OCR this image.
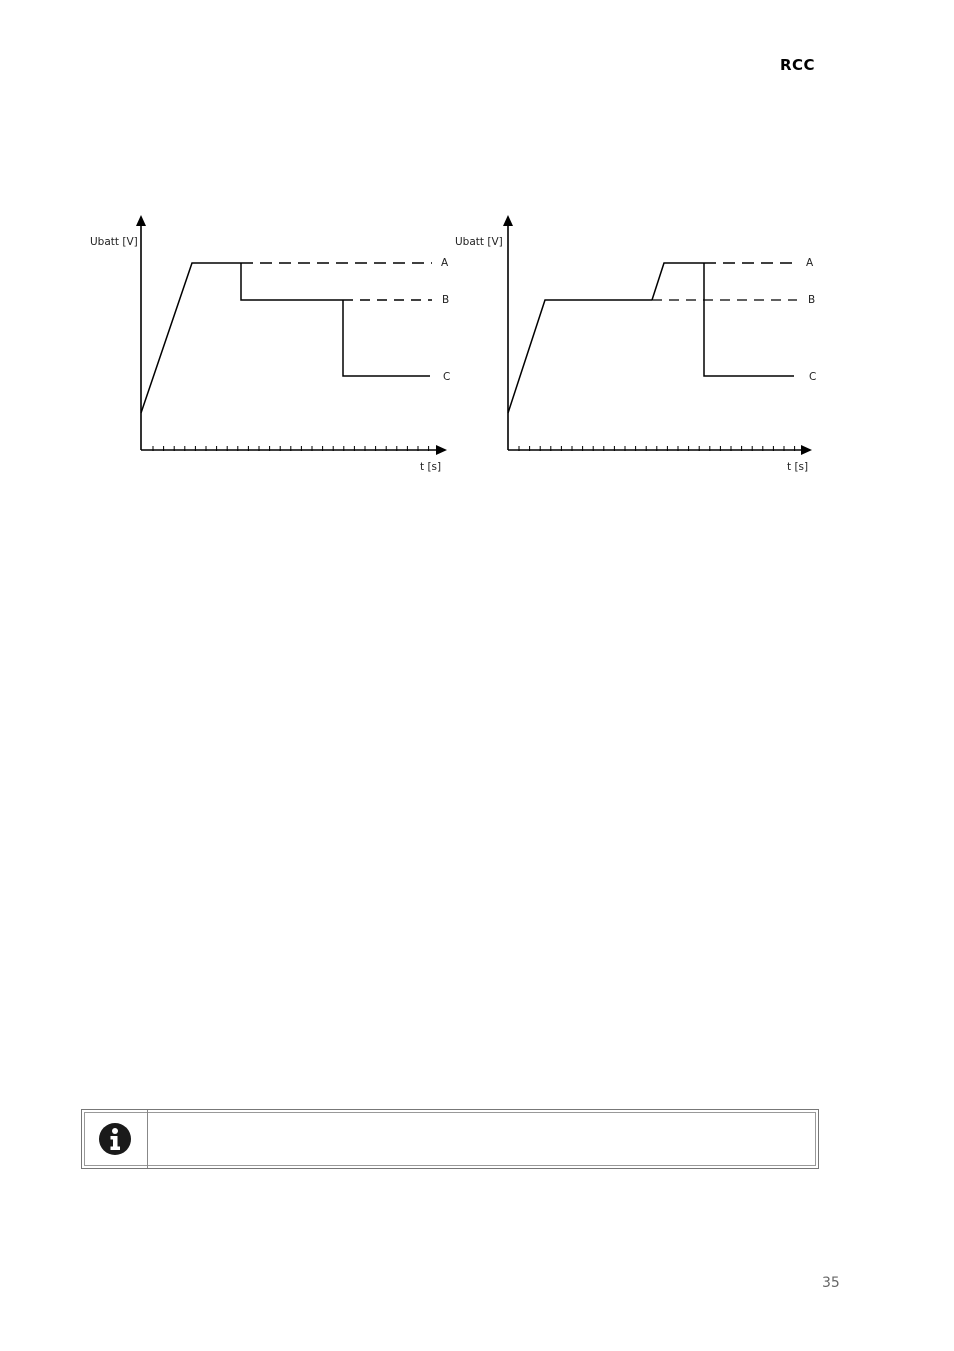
RCC
Ubatt [V]
t [s]
A
B
C
Ubatt [V]
t [s]
A
B
C
35
